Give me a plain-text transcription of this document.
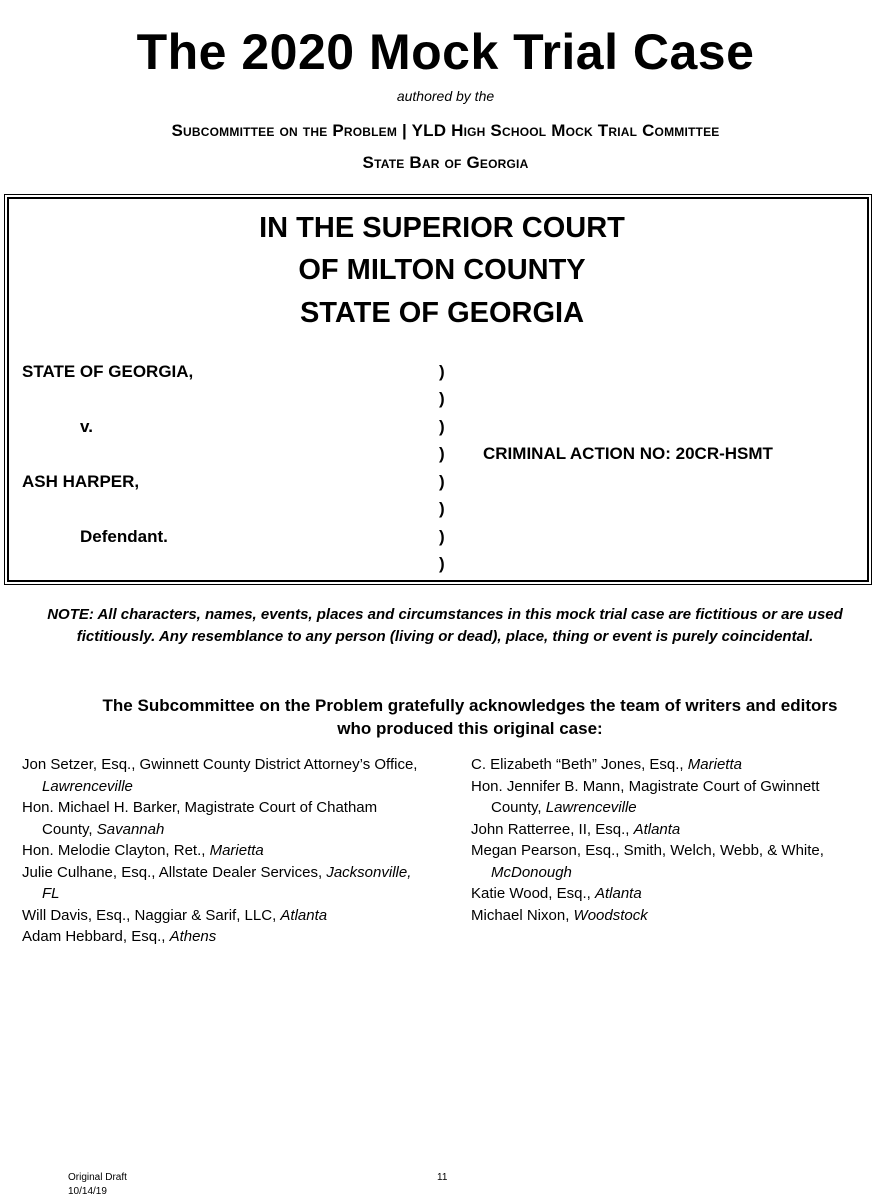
The 2020 Mock Trial Case
authored by the
Subcommittee on the Problem | YLD High School Mock Trial Committee
State Bar of Georgia
IN THE SUPERIOR COURT
OF MILTON COUNTY
STATE OF GEORGIA
STATE OF GEORGIA,
v.
ASH HARPER,
Defendant.
)
)
)
)
)
)
)
)
CRIMINAL ACTION NO: 20CR-HSMT
NOTE: All characters, names, events, places and circumstances in this mock trial case are fictitious or are used fictitiously. Any resemblance to any person (living or dead), place, thing or event is purely coincidental.
The Subcommittee on the Problem gratefully acknowledges the team of writers and editors who produced this original case:
Jon Setzer, Esq., Gwinnett County District Attorney’s Office, Lawrenceville
Hon. Michael H. Barker, Magistrate Court of Chatham County, Savannah
Hon. Melodie Clayton, Ret., Marietta
Julie Culhane, Esq., Allstate Dealer Services, Jacksonville, FL
Will Davis, Esq., Naggiar & Sarif, LLC, Atlanta
Adam Hebbard, Esq., Athens
C. Elizabeth “Beth” Jones, Esq., Marietta
Hon. Jennifer B. Mann, Magistrate Court of Gwinnett County, Lawrenceville
John Ratterree, II, Esq., Atlanta
Megan Pearson, Esq., Smith, Welch, Webb, & White, McDonough
Katie Wood, Esq., Atlanta
Michael Nixon, Woodstock
Original Draft
10/14/19
11
